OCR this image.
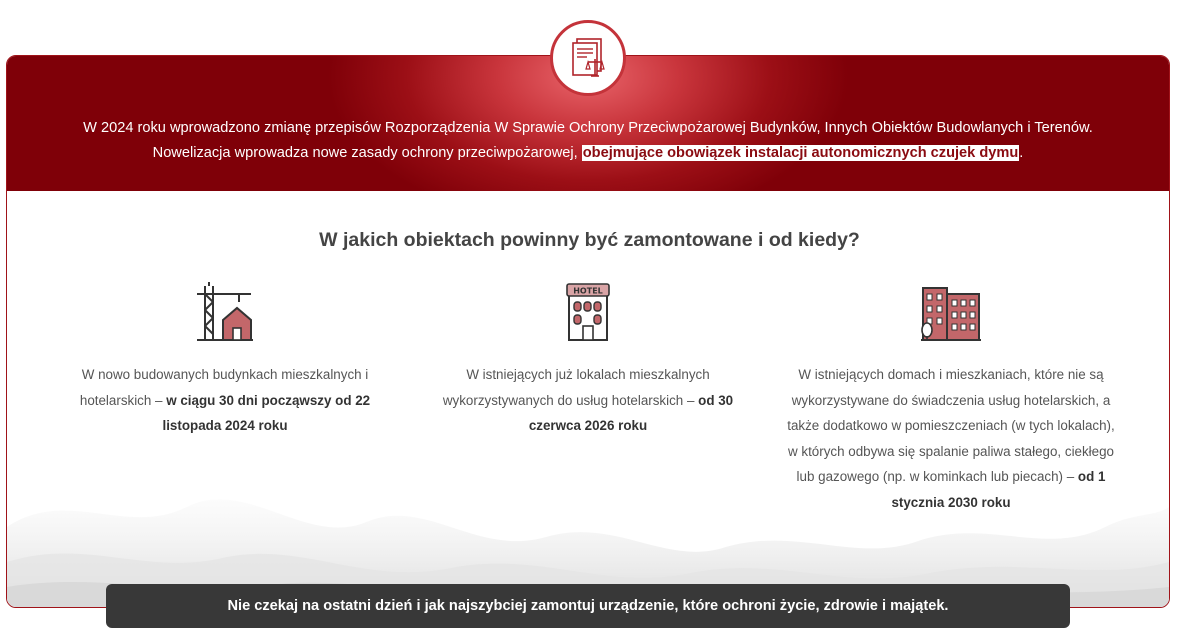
W 2024 roku wprowadzono zmianę przepisów Rozporządzenia W Sprawie Ochrony Przeciwpożarowej Budynków, Innych Obiektów Budowlanych i Terenów. Nowelizacja wprowadza nowe zasady ochrony przeciwpożarowej, obejmujące obowiązek instalacji autonomicznych czujek dymu.
W jakich obiektach powinny być zamontowane i od kiedy?

W nowo budowanych budynkach mieszkalnych i hotelarskich – w ciągu 30 dni począwszy od 22 listopada 2024 roku

HOTEL

W istniejących już lokalach mieszkalnych wykorzystywanych do usług hotelarskich – od 30 czerwca 2026 roku

W istniejących domach i mieszkaniach, które nie są wykorzystywane do świadczenia usług hotelarskich, a także dodatkowo w pomieszczeniach (w tych lokalach), w których odbywa się spalanie paliwa stałego, ciekłego lub gazowego (np. w kominkach lub piecach) – od 1 stycznia 2030 roku

Nie czekaj na ostatni dzień i jak najszybciej zamontuj urządzenie, które ochroni życie, zdrowie i majątek.
